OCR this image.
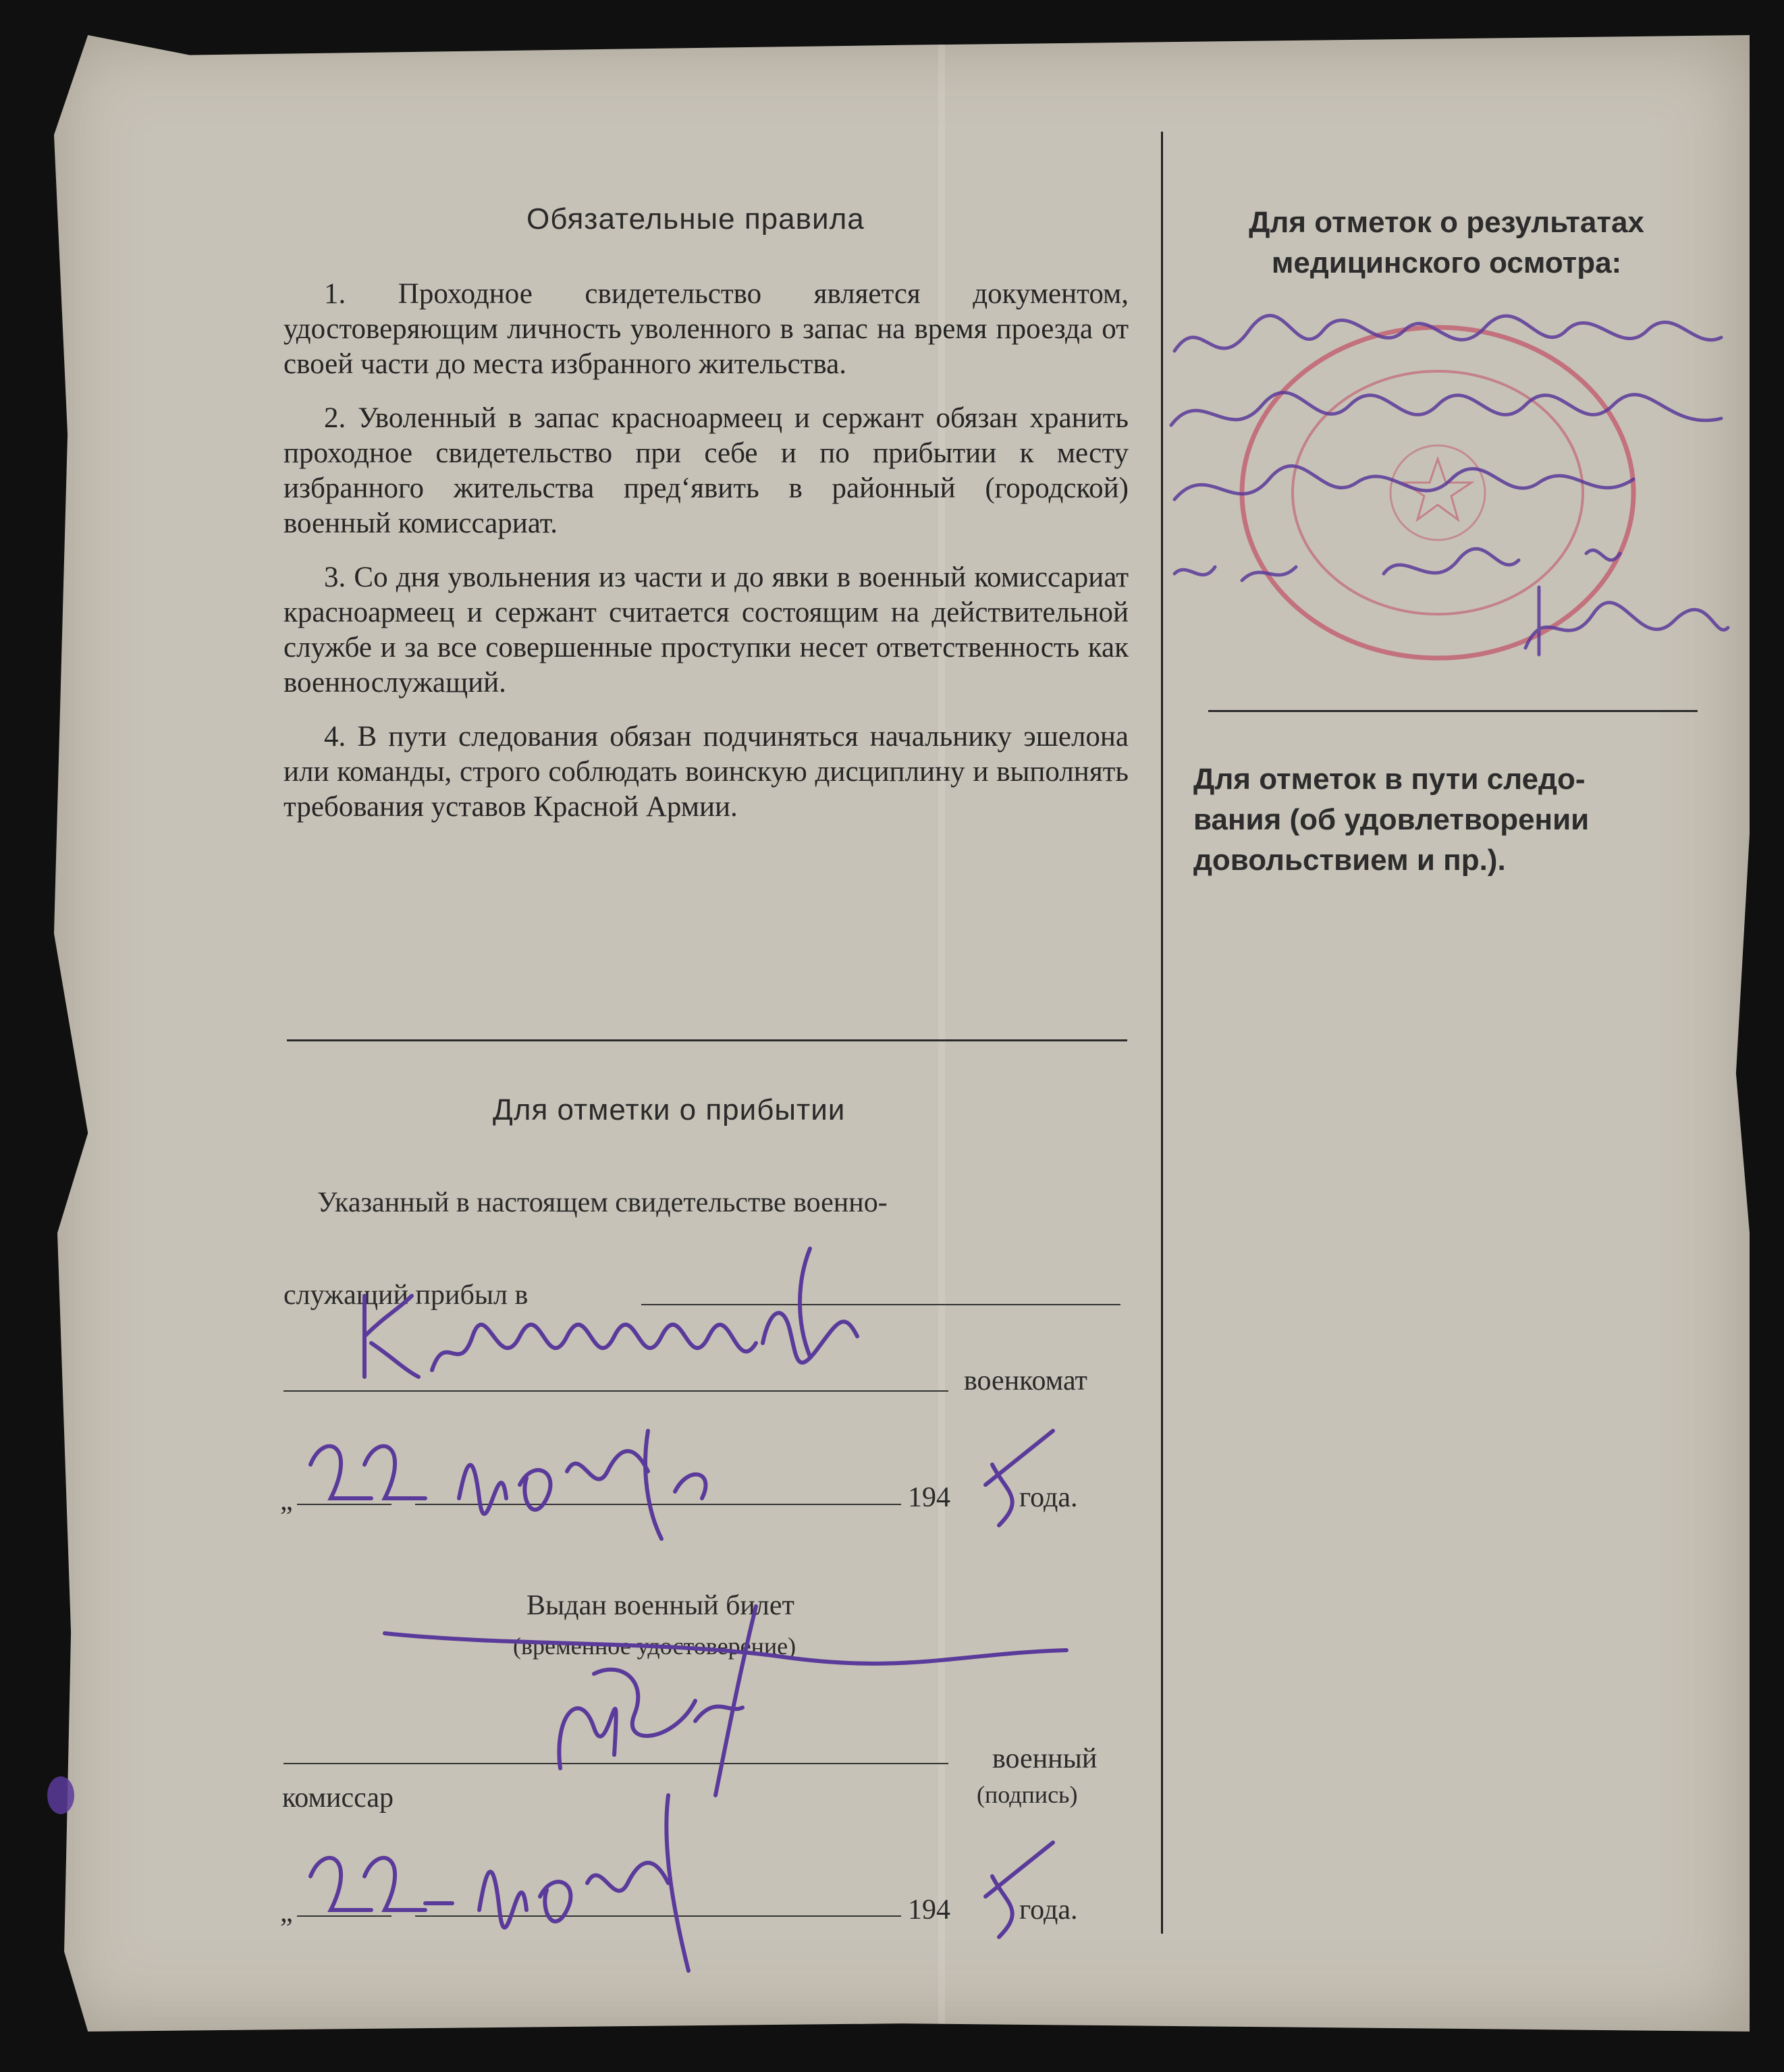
Обязательные правила

1. Проходное свидетельство является документом, удостоверяющим личность уволенного в запас на время проезда от своей части до места избранного жительства.

2. Уволенный в запас красноармеец и сержант обязан хранить проходное свидетельство при себе и по прибытии к месту избранного жительства пред‘явить в районный (городской) военный комиссариат.

3. Со дня увольнения из части и до явки в военный комиссариат красноармеец и сержант считается состоящим на действительной службе и за все совершенные проступки несет ответственность как военнослужащий.

4. В пути следования обязан подчиняться начальнику эшелона или команды, строго соблюдать воинскую дисциплину и выполнять требования уставов Красной Армии.

Для отметки о прибытии
Указанный в настоящем свидетельстве военно-
служащий прибыл в
военкомат
„	194 года.
Выдан военный билет
(временное удостоверение)
военный
(подпись)
комиссар
„	194 года.
Для отметок о результатах
медицинского осмотра:
Для отметок в пути следо-
вания (об удовлетворении
довольствием и пр.).
